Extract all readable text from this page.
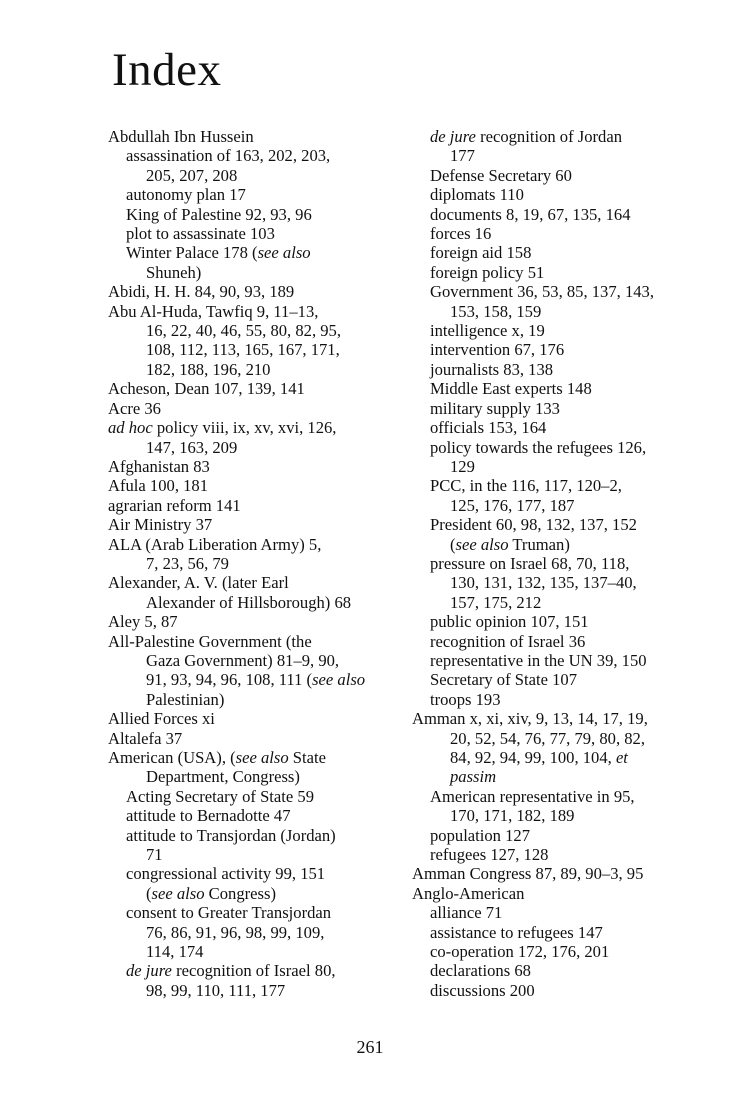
Index

Abdullah Ibn Hussein

assassination of 163, 202, 203,

205, 207, 208

autonomy plan 17

King of Palestine 92, 93, 96

plot to assassinate 103

Winter Palace 178 (see also

Shuneh)

Abidi, H. H. 84, 90, 93, 189

Abu Al-Huda, Tawfiq 9, 11–13,

16, 22, 40, 46, 55, 80, 82, 95,

108, 112, 113, 165, 167, 171,

182, 188, 196, 210

Acheson, Dean 107, 139, 141

Acre 36

ad hoc policy viii, ix, xv, xvi, 126,

147, 163, 209

Afghanistan 83

Afula 100, 181

agrarian reform 141

Air Ministry 37

ALA (Arab Liberation Army) 5,

7, 23, 56, 79

Alexander, A. V. (later Earl

Alexander of Hillsborough) 68

Aley 5, 87

All-Palestine Government (the

Gaza Government) 81–9, 90,

91, 93, 94, 96, 108, 111 (see also

Palestinian)

Allied Forces xi

Altalefa 37

American (USA), (see also State

Department, Congress)

Acting Secretary of State 59

attitude to Bernadotte 47

attitude to Transjordan (Jordan)

71

congressional activity 99, 151

(see also Congress)

consent to Greater Transjordan

76, 86, 91, 96, 98, 99, 109,

114, 174

de jure recognition of Israel 80,

98, 99, 110, 111, 177

de jure recognition of Jordan

177

Defense Secretary 60

diplomats 110

documents 8, 19, 67, 135, 164

forces 16

foreign aid 158

foreign policy 51

Government 36, 53, 85, 137, 143,

153, 158, 159

intelligence x, 19

intervention 67, 176

journalists 83, 138

Middle East experts 148

military supply 133

officials 153, 164

policy towards the refugees 126,

129

PCC, in the 116, 117, 120–2,

125, 176, 177, 187

President 60, 98, 132, 137, 152

(see also Truman)

pressure on Israel 68, 70, 118,

130, 131, 132, 135, 137–40,

157, 175, 212

public opinion 107, 151

recognition of Israel 36

representative in the UN 39, 150

Secretary of State 107

troops 193

Amman x, xi, xiv, 9, 13, 14, 17, 19,

20, 52, 54, 76, 77, 79, 80, 82,

84, 92, 94, 99, 100, 104, et

passim

American representative in 95,

170, 171, 182, 189

population 127

refugees 127, 128

Amman Congress 87, 89, 90–3, 95

Anglo-American

alliance 71

assistance to refugees 147

co-operation 172, 176, 201

declarations 68

discussions 200

261
